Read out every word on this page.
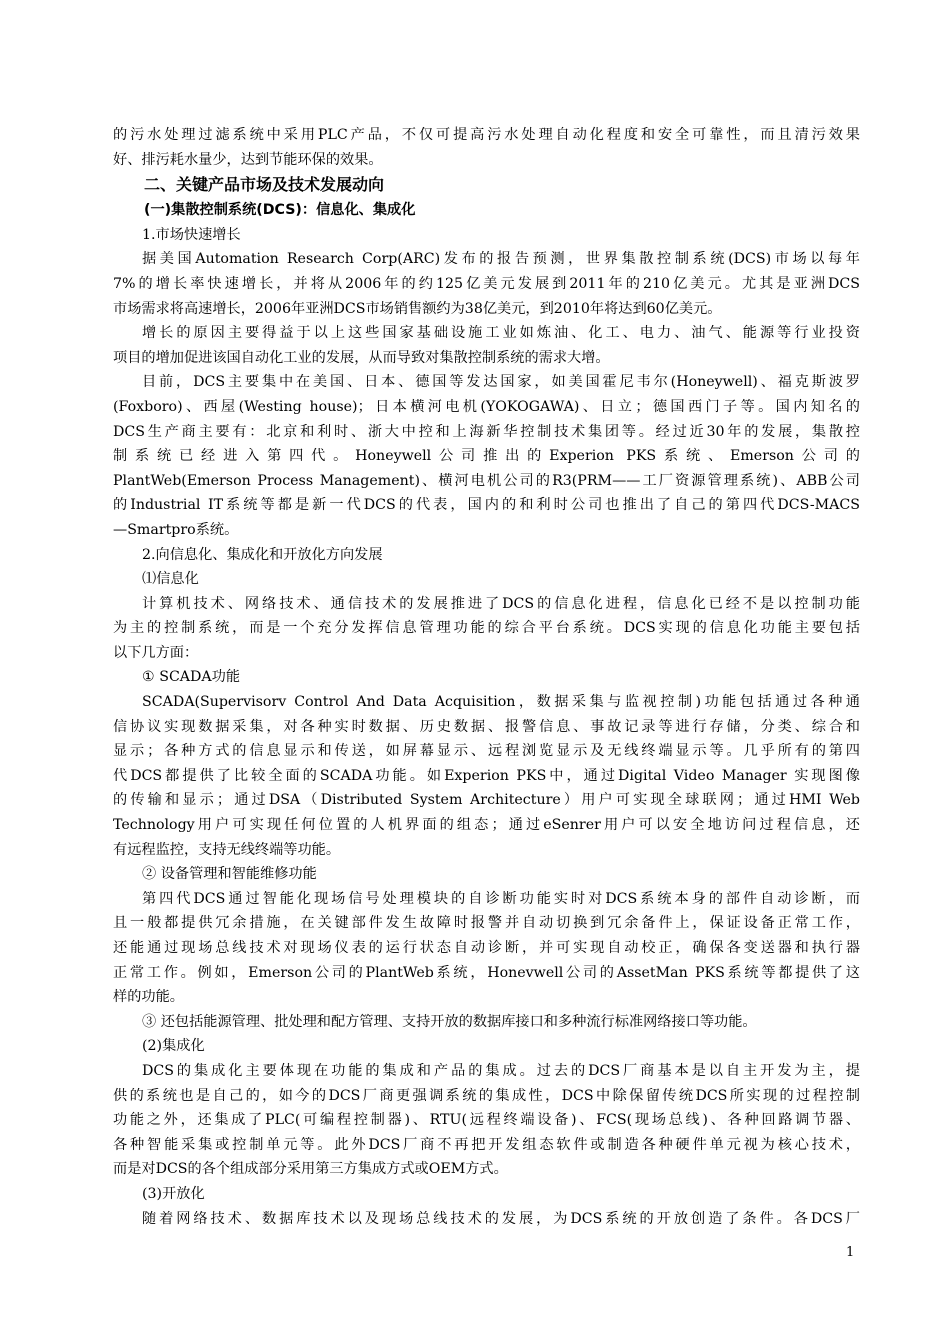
的污水处理过滤系统中采用PLC产品，不仅可提高污水处理自动化程度和安全可靠性，而且清污效果
好、排污耗水量少，达到节能环保的效果。
二、关键产品市场及技术发展动向
(一)集散控制系统(DCS)：信息化、集成化
1.市场快速增长
据美国Automation Research Corp(ARC)发布的报告预测，世界集散控制系统(DCS)市场以每年
7%的增长率快速增长，并将从2006年的约125亿美元发展到2011年的210亿美元。尤其是亚洲DCS
市场需求将高速增长，2006年亚洲DCS市场销售额约为38亿美元，到2010年将达到60亿美元。
增长的原因主要得益于以上这些国家基础设施工业如炼油、化工、电力、油气、能源等行业投资
项目的增加促进该国自动化工业的发展，从而导致对集散控制系统的需求大增。
目前，DCS主要集中在美国、日本、德国等发达国家，如美国霍尼韦尔(Honeywell)、福克斯波罗
(Foxboro)、西屋(Westing house)；日本横河电机(YOKOGAWA)、日立；德国西门子等。国内知名的
DCS生产商主要有：北京和利时、浙大中控和上海新华控制技术集团等。经过近30年的发展，集散控
制系统已经进入第四代。Honeywell公司推出的Experion PKS系统、Emerson公司的
PlantWeb(Emerson Process Management)、横河电机公司的R3(PRM——工厂资源管理系统)、ABB公司
的Industrial IT系统等都是新一代DCS的代表，国内的和利时公司也推出了自己的第四代DCS-MACS
—Smartpro系统。
2.向信息化、集成化和开放化方向发展
⑴信息化
计算机技术、网络技术、通信技术的发展推进了DCS的信息化进程，信息化已经不是以控制功能
为主的控制系统，而是一个充分发挥信息管理功能的综合平台系统。DCS实现的信息化功能主要包括
以下几方面：
① SCADA功能
SCADA(Supervisorv Control And Data Acquisition，数据采集与监视控制)功能包括通过各种通
信协议实现数据采集，对各种实时数据、历史数据、报警信息、事故记录等进行存储，分类、综合和
显示；各种方式的信息显示和传送，如屏幕显示、远程浏览显示及无线终端显示等。几乎所有的第四
代DCS都提供了比较全面的SCADA功能。如Experion PKS中，通过Digital Video Manager 实现图像
的传输和显示；通过DSA（Distributed System Architecture）用户可实现全球联网；通过HMI Web
Technology用户可实现任何位置的人机界面的组态；通过eSenrer用户可以安全地访问过程信息，还
有远程监控，支持无线终端等功能。
② 设备管理和智能维修功能
第四代DCS通过智能化现场信号处理模块的自诊断功能实时对DCS系统本身的部件自动诊断，而
且一般都提供冗余措施，在关键部件发生故障时报警并自动切换到冗余备件上，保证设备正常工作，
还能通过现场总线技术对现场仪表的运行状态自动诊断，并可实现自动校正，确保各变送器和执行器
正常工作。例如，Emerson公司的PlantWeb系统，Honevwell公司的AssetMan PKS系统等都提供了这
样的功能。
③ 还包括能源管理、批处理和配方管理、支持开放的数据库接口和多种流行标准网络接口等功能。
(2)集成化
DCS的集成化主要体现在功能的集成和产品的集成。过去的DCS厂商基本是以自主开发为主，提
供的系统也是自己的，如今的DCS厂商更强调系统的集成性，DCS中除保留传统DCS所实现的过程控制
功能之外，还集成了PLC(可编程控制器)、RTU(远程终端设备)、FCS(现场总线)、各种回路调节器、
各种智能采集或控制单元等。此外DCS厂商不再把开发组态软件或制造各种硬件单元视为核心技术，
而是对DCS的各个组成部分采用第三方集成方式或OEM方式。
(3)开放化
随着网络技术、数据库技术以及现场总线技术的发展，为DCS系统的开放创造了条件。各DCS厂
1
